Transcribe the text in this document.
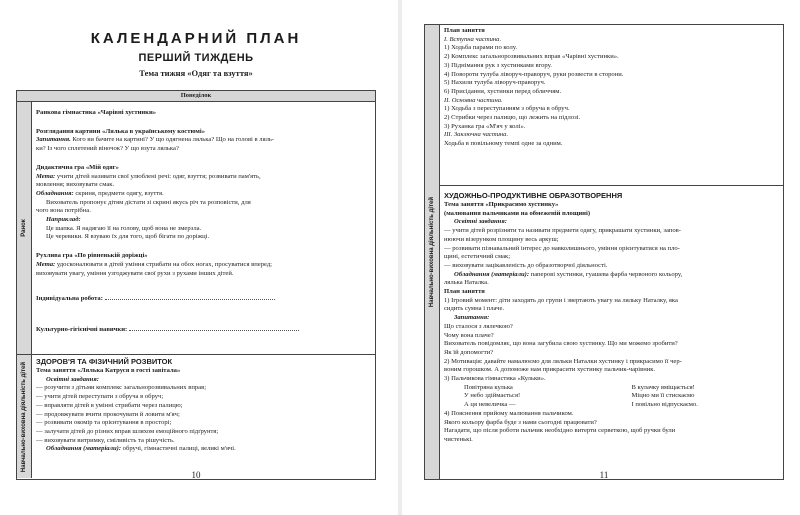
КАЛЕНДАРНИЙ ПЛАН
ПЕРШИЙ ТИЖДЕНЬ
Тема тижня «Одяг та взуття»
Понеділок
Ранок
Ранкова гімнастика «Чарівні хустинки»
Розглядання картини «Лялька в українському костюмі»
Запитання. Кого ви бачите на картині? У що одягнена лялька? Що на голові в ляль-
ки? Із чого сплетений віночок? У що взута лялька?
Дидактична гра «Мій одяг»
Мета: учити дітей називати свої улюблені речі: одяг, взуття; розвивати пам'ять,
мовлення; виховувати смак.
Обладнання: скриня, предмети одягу, взуття.
Вихователь пропонує дітям дістати зі скрині якусь річ та розповісти, для
чого вона потрібна.
Наприклад:
Це шапка. Я надягаю її на голову, щоб вона не змерзла.
Це черевики. Я взуваю їх для того, щоб бігати по доріжці.
Рухлива гра «По рівненькій доріжці»
Мета: удосконалювати в дітей уміння стрибати на обох ногах, просуватися вперед;
виховувати увагу, уміння узгоджувати свої рухи з рухами інших дітей.
Індивідуальна робота:
Культурно-гігієнічні навички:
Навчально-виховна діяльність дітей ЗДОРОВ'Я ТА ФІЗИЧНИЙ РОЗВИТОК
Тема заняття «Лялька Катруся в гості завітала»
Освітні завдання:
— розучити з дітьми комплекс загальнорозвивальних вправ;
— учити дітей переступати з обруча в обруч;
— вправляти дітей в умінні стрибати через палицю;
— продовжувати вчити прокочувати й ловити м'яч;
— розвивати окомір та орієнтування в просторі;
— залучати дітей до різних вправ шляхом емоційного підґрунтя;
— виховувати витримку, сміливість та рішучість.
Обладнання (матеріали): обручі, гімнастичні палиці, великі м'ячі.
10
Навчально-виховна діяльність дітей
План заняття
I. Вступна частина.
1) Ходьба парами по колу.
2) Комплекс загальнорозвивальних вправ «Чарівні хустинки».
3) Піднімання рук з хустинками вгору.
4) Повороти тулуба ліворуч-праворуч, руки розвести в сторони.
5) Нахили тулуба ліворуч-праворуч.
6) Присідання, хустинки перед обличчям.
II. Основна частина.
1) Ходьба з переступанням з обруча в обруч.
2) Стрибки через палицю, що лежить на підлозі.
3) Руханка гра «М'яч у колі».
III. Заключна частина.
Ходьба в повільному темпі одне за одним.
ХУДОЖНЬО-ПРОДУКТИВНЕ ОБРАЗОТВОРЕННЯ
Тема заняття «Прикрасимо хустинку»
(малювання пальчиками на обмеженій площині)
Освітні завдання:
— учити дітей розрізняти та називати предмети одягу, прикрашати хустинки, запов-
нюючи візерунком площину весь аркуш;
— розвивати пізнавальний інтерес до навколишнього, уміння орієнтуватися на пло-
щині, естетичний смак;
— виховувати зацікавленість до образотворчої діяльності.
Обладнання (матеріали): паперові хустинки, гуашева фарба червоного кольору,
лялька Наталка.
План заняття
1) Ігровий момент: діти заходять до групи і звертають увагу на ляльку Наталку, яка
сидить сумна і плаче.
Запитання:
Що сталося з лялечкою?
Чому вона плаче?
Вихователь повідомляє, що вона загубила свою хустинку. Що ми можемо зробити?
Як їй допомогти?
2) Мотивація: давайте намалюємо для ляльки Наталки хустинку і прикрасимо її чер-
воним горошком. А допоможе нам прикрасити хустинку пальчик-чарівник.
3) Пальчикова гімнастика «Кульки».
Повітряна кулька
У небо здіймається!
А ця невеличка —
В кулачку вміщається!
Міцно ми її стискаємо
І повільно відпускаємо.
4) Пояснення прийому малювання пальчиком.
Якого кольору фарба буде з нами сьогодні працювати?
Нагадати, що після роботи пальчик необхідно витерти серветкою, щоб ручки були
чистенькі.
11
